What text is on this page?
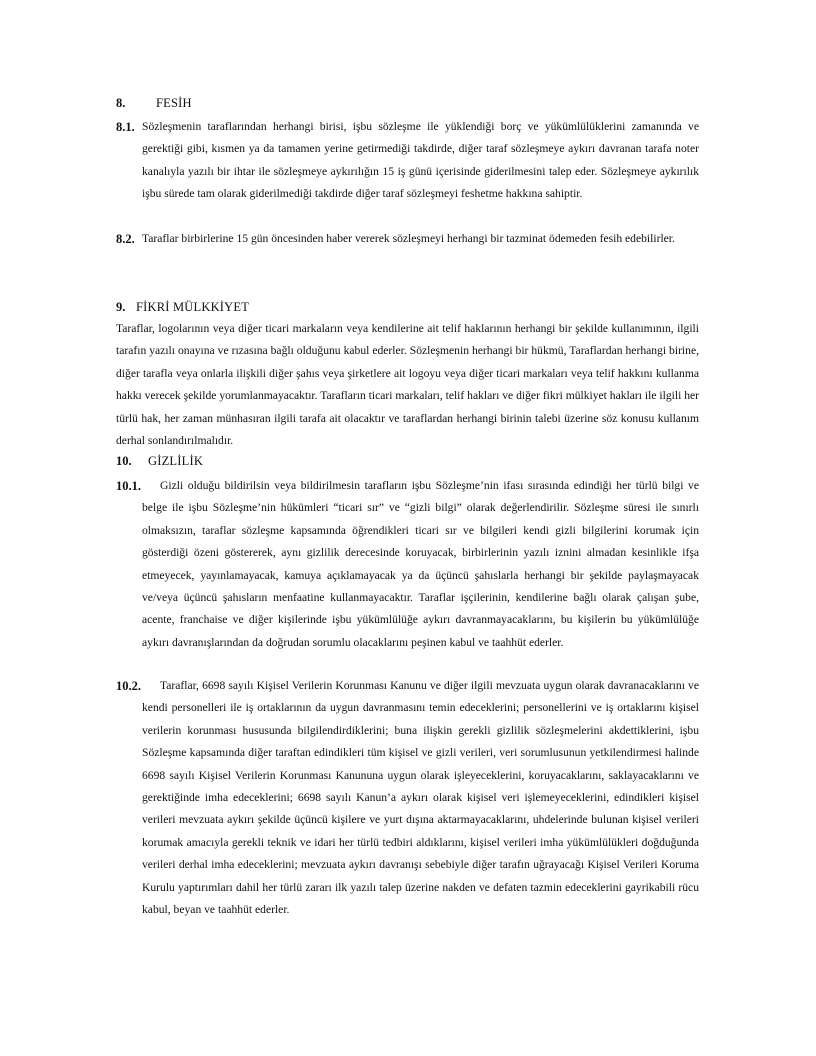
8. FESİH
8.1. Sözleşmenin taraflarından herhangi birisi, işbu sözleşme ile yüklendiği borç ve yükümlülüklerini zamanında ve gerektiği gibi, kısmen ya da tamamen yerine getirmediği takdirde, diğer taraf sözleşmeye aykırı davranan tarafa noter kanalıyla yazılı bir ihtar ile sözleşmeye aykırılığın 15 iş günü içerisinde giderilmesini talep eder. Sözleşmeye aykırılık işbu sürede tam olarak giderilmediği takdirde diğer taraf sözleşmeyi feshetme hakkına sahiptir.

8.2. Taraflar birbirlerine 15 gün öncesinden haber vererek sözleşmeyi herhangi bir tazminat ödemeden fesih edebilirler.

9. FİKRİ MÜLKKİYET

Taraflar, logolarının veya diğer ticari markaların veya kendilerine ait telif haklarının herhangi bir şekilde kullanımının, ilgili tarafın yazılı onayına ve rızasına bağlı olduğunu kabul ederler. Sözleşmenin herhangi bir hükmü, Taraflardan herhangi birine, diğer tarafla veya onlarla ilişkili diğer şahıs veya şirketlere ait logoyu veya diğer ticari markaları veya telif hakkını kullanma hakkı verecek şekilde yorumlanmayacaktır. Tarafların ticari markaları, telif hakları ve diğer fikri mülkiyet hakları ile ilgili her türlü hak, her zaman münhasıran ilgili tarafa ait olacaktır ve taraflardan herhangi birinin talebi üzerine söz konusu kullanım derhal sonlandırılmalıdır.

10. GİZLİLİK
10.1.	Gizli olduğu bildirilsin veya bildirilmesin tarafların işbu Sözleşme’nin ifası sırasında edindiği her türlü bilgi ve belge ile işbu Sözleşme’nin hükümleri “ticari sır” ve “gizli bilgi” olarak değerlendirilir. Sözleşme süresi ile sınırlı olmaksızın, taraflar sözleşme kapsamında öğrendikleri ticari sır ve bilgileri kendi gizli bilgilerini korumak için gösterdiği özeni göstererek, aynı gizlilik derecesinde koruyacak, birbirlerinin yazılı iznini almadan kesinlikle ifşa etmeyecek, yayınlamayacak, kamuya açıklamayacak ya da üçüncü şahıslarla herhangi bir şekilde paylaşmayacak ve/veya üçüncü şahısların menfaatine kullanmayacaktır. Taraflar işçilerinin, kendilerine bağlı olarak çalışan şube, acente, franchaise ve diğer kişilerinde işbu yükümlülüğe aykırı davranmayacaklarını, bu kişilerin bu yükümlülüğe aykırı davranışlarından da doğrudan sorumlu olacaklarını peşinen kabul ve taahhüt ederler.

10.2.	Taraflar, 6698 sayılı Kişisel Verilerin Korunması Kanunu ve diğer ilgili mevzuata uygun olarak davranacaklarını ve kendi personelleri ile iş ortaklarının da uygun davranmasını temin edeceklerini; personellerini ve iş ortaklarını kişisel verilerin korunması hususunda bilgilendirdiklerini; buna ilişkin gerekli gizlilik sözleşmelerini akdettiklerini, işbu Sözleşme kapsamında diğer taraftan edindikleri tüm kişisel ve gizli verileri, veri sorumlusunun yetkilendirmesi halinde 6698 sayılı Kişisel Verilerin Korunması Kanununa uygun olarak işleyeceklerini, koruyacaklarını, saklayacaklarını ve gerektiğinde imha edeceklerini; 6698 sayılı Kanun’a aykırı olarak kişisel veri işlemeyeceklerini, edindikleri kişisel verileri mevzuata aykırı şekilde üçüncü kişilere ve yurt dışına aktarmayacaklarını, uhdelerinde bulunan kişisel verileri korumak amacıyla gerekli teknik ve idari her türlü tedbiri aldıklarını, kişisel verileri imha yükümlülükleri doğduğunda verileri derhal imha edeceklerini; mevzuata aykırı davranışı sebebiyle diğer tarafın uğrayacağı Kişisel Verileri Koruma Kurulu yaptırımları dahil her türlü zararı ilk yazılı talep üzerine nakden ve defaten tazmin edeceklerini gayrikabili rücu kabul, beyan ve taahhüt ederler.
